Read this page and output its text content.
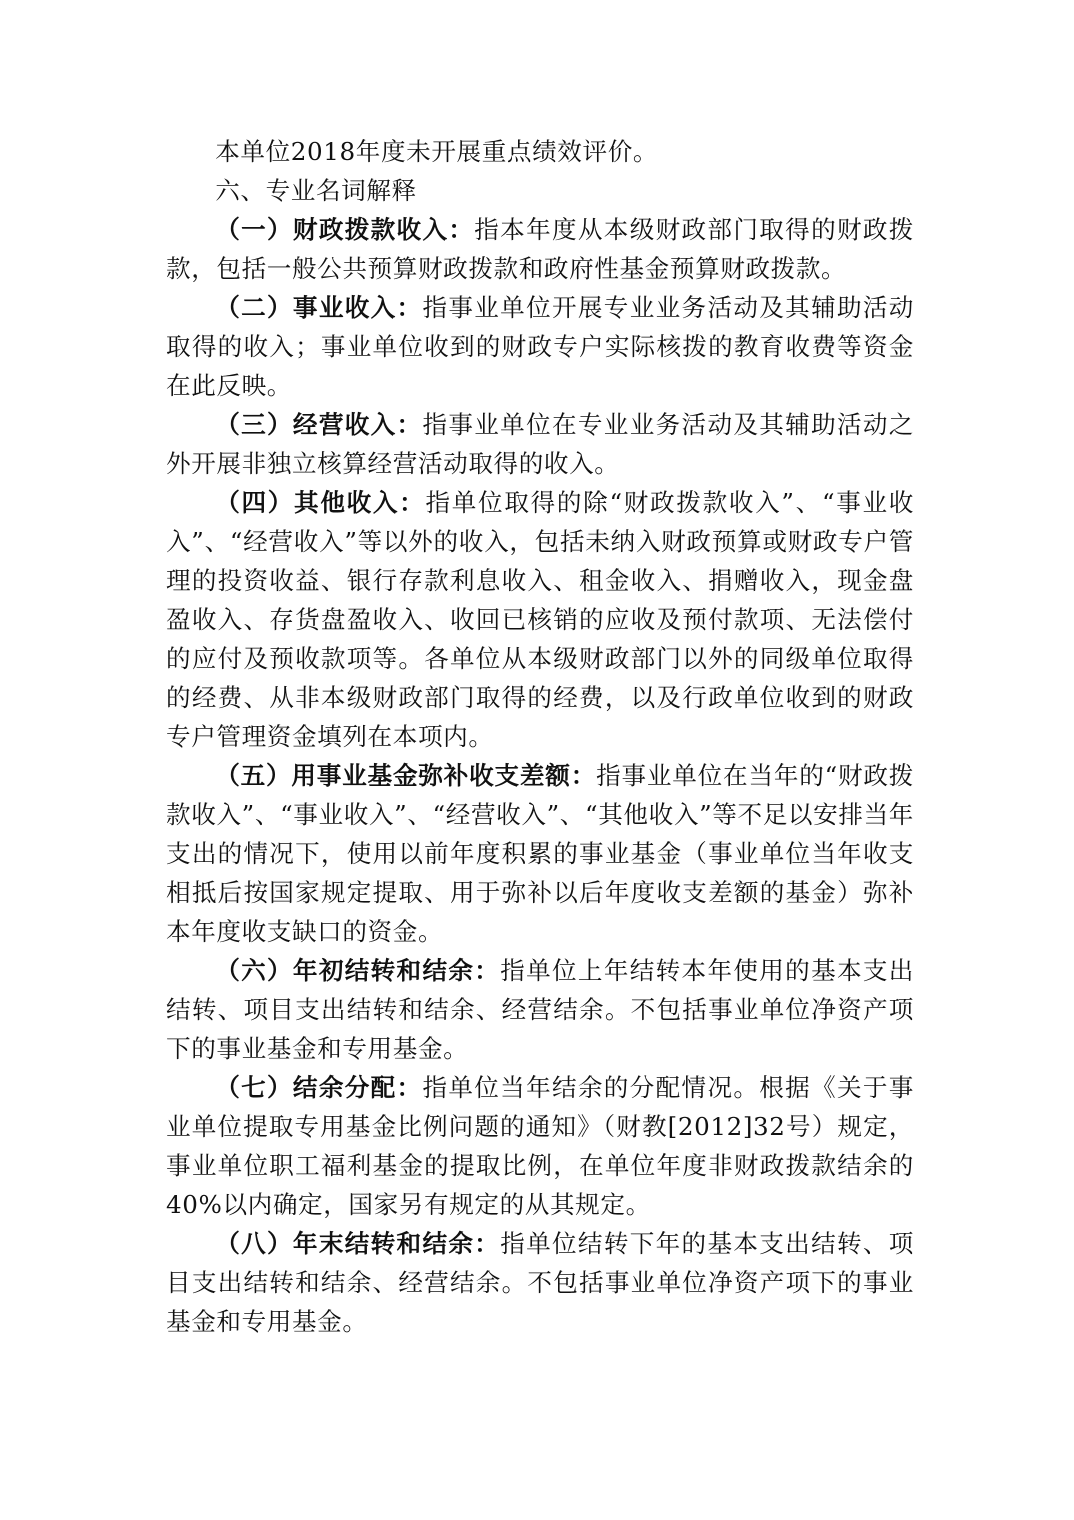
本单位2018年度未开展重点绩效评价。

六、专业名词解释

（一）财政拨款收入：指本年度从本级财政部门取得的财政拨款，包括一般公共预算财政拨款和政府性基金预算财政拨款。

（二）事业收入：指事业单位开展专业业务活动及其辅助活动取得的收入；事业单位收到的财政专户实际核拨的教育收费等资金在此反映。

（三）经营收入：指事业单位在专业业务活动及其辅助活动之外开展非独立核算经营活动取得的收入。

（四）其他收入：指单位取得的除“财政拨款收入”、“事业收入”、“经营收入”等以外的收入，包括未纳入财政预算或财政专户管理的投资收益、银行存款利息收入、租金收入、捐赠收入，现金盘盈收入、存货盘盈收入、收回已核销的应收及预付款项、无法偿付的应付及预收款项等。各单位从本级财政部门以外的同级单位取得的经费、从非本级财政部门取得的经费，以及行政单位收到的财政专户管理资金填列在本项内。

（五）用事业基金弥补收支差额：指事业单位在当年的“财政拨款收入”、“事业收入”、“经营收入”、“其他收入”等不足以安排当年支出的情况下，使用以前年度积累的事业基金（事业单位当年收支相抵后按国家规定提取、用于弥补以后年度收支差额的基金）弥补本年度收支缺口的资金。

（六）年初结转和结余：指单位上年结转本年使用的基本支出结转、项目支出结转和结余、经营结余。不包括事业单位净资产项下的事业基金和专用基金。

（七）结余分配：指单位当年结余的分配情况。根据《关于事业单位提取专用基金比例问题的通知》（财教[2012]32号）规定，事业单位职工福利基金的提取比例，在单位年度非财政拨款结余的40%以内确定，国家另有规定的从其规定。

（八）年末结转和结余：指单位结转下年的基本支出结转、项目支出结转和结余、经营结余。不包括事业单位净资产项下的事业基金和专用基金。
